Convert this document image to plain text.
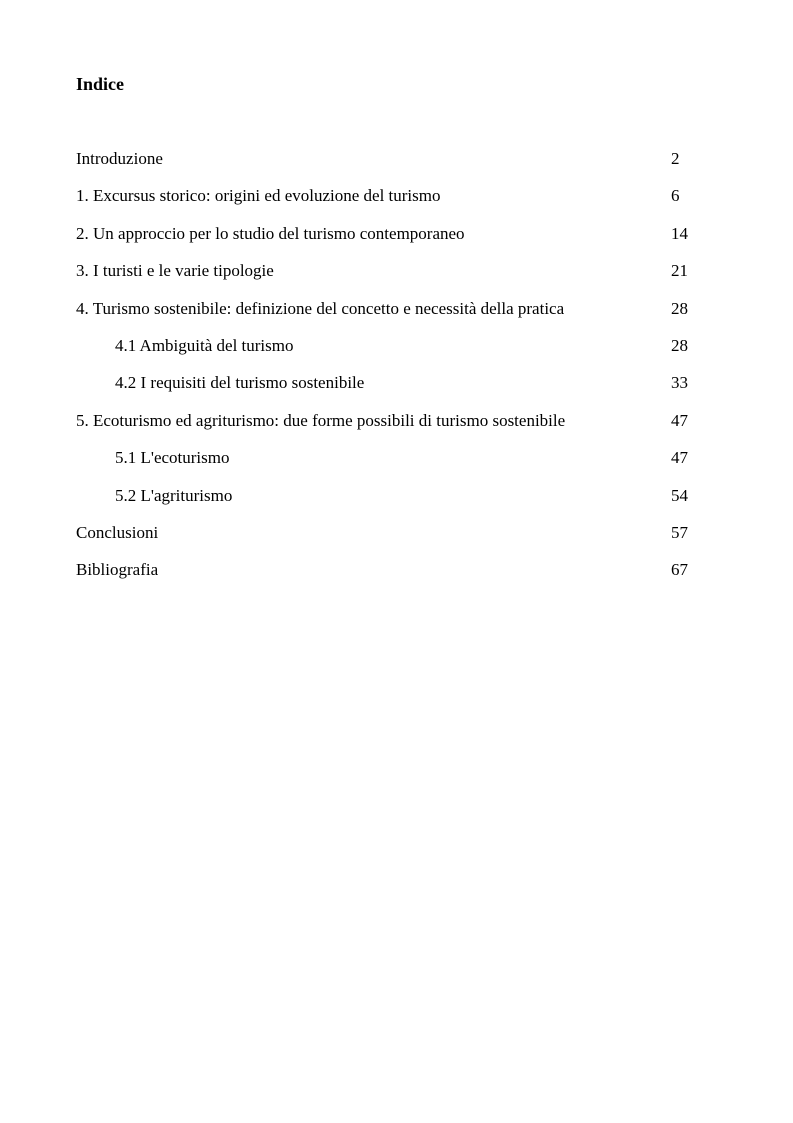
Indice
Introduzione	2
1. Excursus storico: origini ed evoluzione del turismo	6
2. Un approccio per lo studio del turismo contemporaneo	14
3. I turisti e le varie tipologie	21
4. Turismo sostenibile: definizione del concetto e necessità della pratica	28
4.1 Ambiguità del turismo	28
4.2 I requisiti del turismo sostenibile	33
5. Ecoturismo ed agriturismo: due forme possibili di turismo sostenibile	47
5.1 L'ecoturismo	47
5.2 L'agriturismo	54
Conclusioni	57
Bibliografia	67
